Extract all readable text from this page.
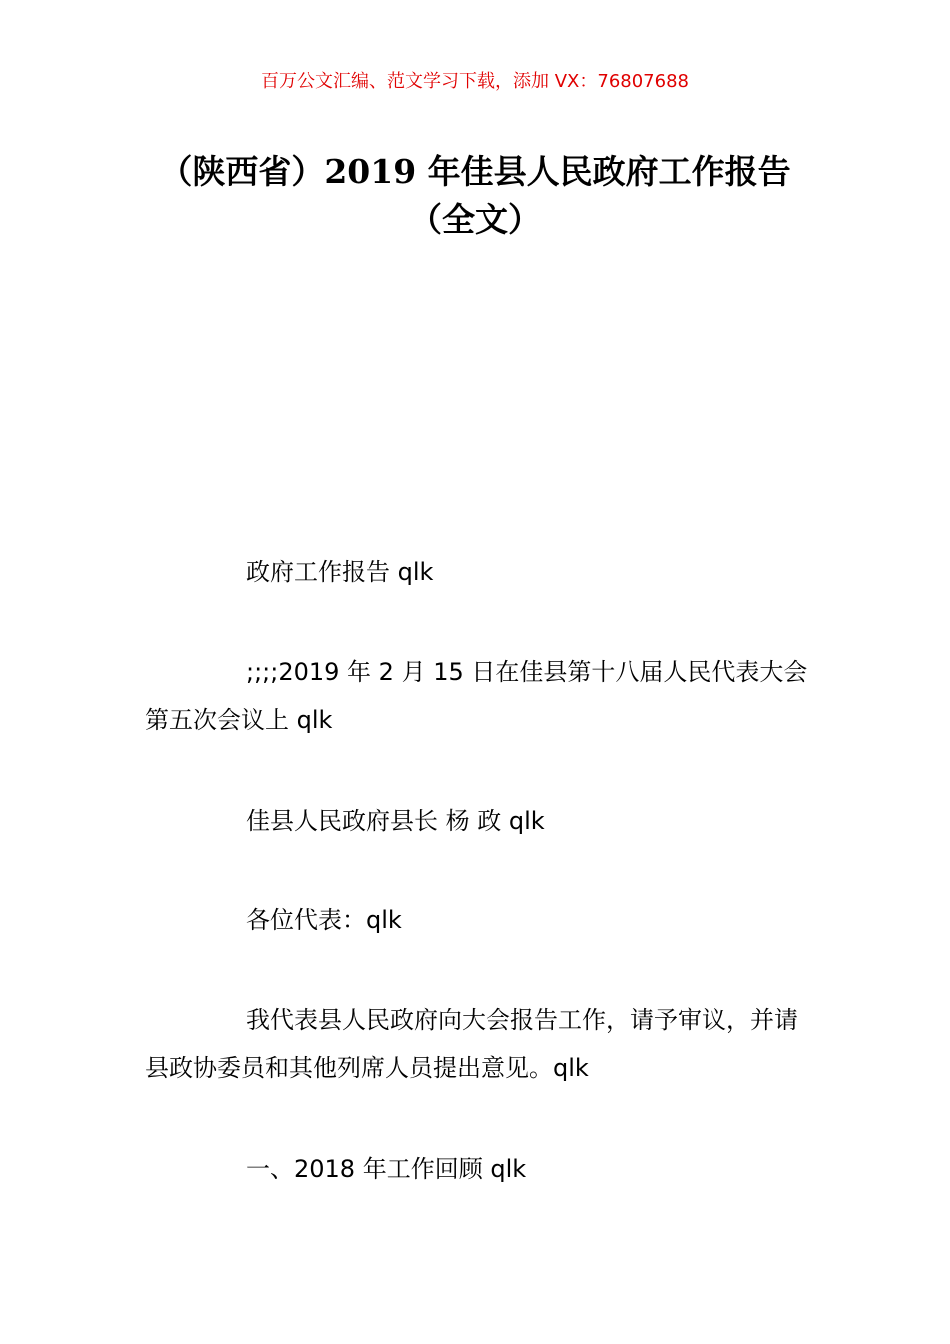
百万公文汇编、范文学习下载，添加 VX：76807688
（陕西省）2019 年佳县人民政府工作报告
（全文）
政府工作报告 qlk
;;;;2019 年 2 月 15 日在佳县第十八届人民代表大会第五次会议上 qlk
佳县人民政府县长 杨 政 qlk
各位代表：qlk
我代表县人民政府向大会报告工作，请予审议，并请县政协委员和其他列席人员提出意见。qlk
一、2018 年工作回顾 qlk
